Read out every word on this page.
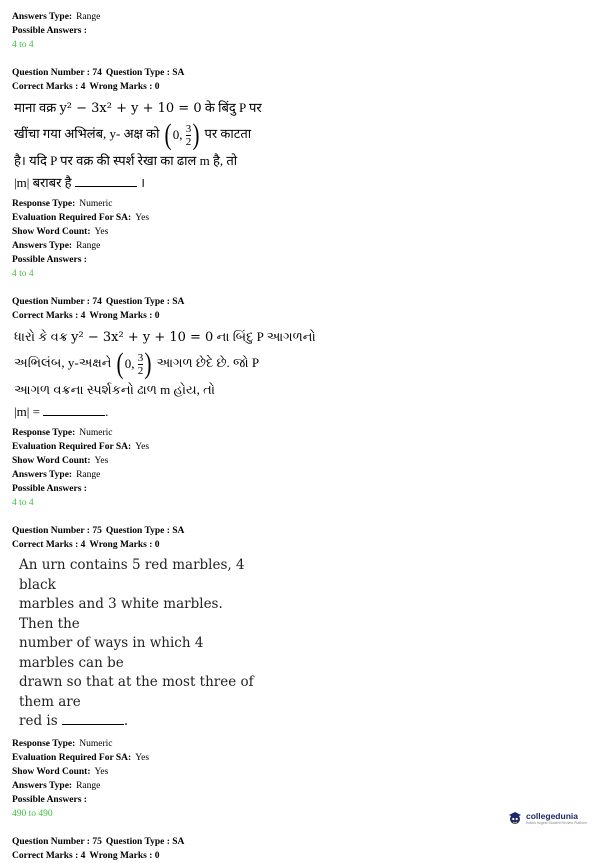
Answers Type: Range
Possible Answers :
4 to 4
Question Number : 74 Question Type : SA
Correct Marks : 4 Wrong Marks : 0
माना वक्र y² − 3x² + y + 10 = 0 के बिंदु P पर
खींचा गया अभिलंब, y- अक्ष को ( 0,
3
2 ) पर काटता
है। यदि P पर वक्र की स्पर्श रेखा का ढाल m है, तो
|m| बराबर है	।
Response Type: Numeric
Evaluation Required For SA: Yes
Show Word Count: Yes
Answers Type: Range
Possible Answers :
4 to 4
Question Number : 74 Question Type : SA
Correct Marks : 4 Wrong Marks : 0
ધારો કે વક્ર y² − 3x² + y + 10 = 0 ના બિંદુ P આગળનો
અભિલંબ, y-અક્ષને ( 0,
3
2 ) આગળ છેદે છે. જો P
આગળ વક્રના સ્પર્શકનો ઢાળ m હોય, તો
|m| =	.
Response Type: Numeric
Evaluation Required For SA: Yes
Show Word Count: Yes
Answers Type: Range
Possible Answers :
4 to 4
Question Number : 75 Question Type : SA
Correct Marks : 4 Wrong Marks : 0
An urn contains 5 red marbles, 4 black
marbles and 3 white marbles. Then the
number of ways in which 4 marbles can be
drawn so that at the most three of them are
red is	.
Response Type: Numeric
Evaluation Required For SA: Yes
Show Word Count: Yes
Answers Type: Range
Possible Answers :
490 to 490
Question Number : 75 Question Type : SA
Correct Marks : 4 Wrong Marks : 0
collegedunia
India's largest Student Review Platform
